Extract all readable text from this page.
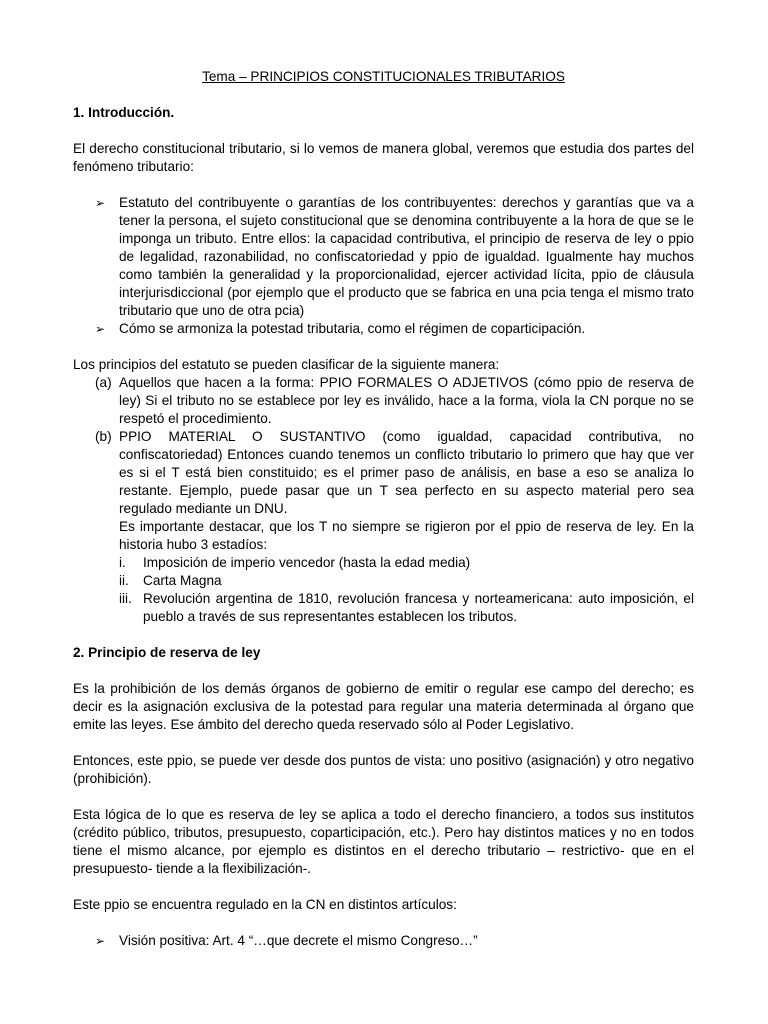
Tema – PRINCIPIOS CONSTITUCIONALES TRIBUTARIOS

1. Introducción.

El derecho constitucional tributario, si lo vemos de manera global, veremos que estudia dos partes del fenómeno tributario:

➢ Estatuto del contribuyente o garantías de los contribuyentes: derechos y garantías que va a tener la persona, el sujeto constitucional que se denomina contribuyente a la hora de que se le imponga un tributo. Entre ellos: la capacidad contributiva, el principio de reserva de ley o ppio de legalidad, razonabilidad, no confiscatoriedad y ppio de igualdad. Igualmente hay muchos como también la generalidad y la proporcionalidad, ejercer actividad lícita, ppio de cláusula interjurisdiccional (por ejemplo que el producto que se fabrica en una pcia tenga el mismo trato tributario que uno de otra pcia)
➢ Cómo se armoniza la potestad tributaria, como el régimen de coparticipación.

Los principios del estatuto se pueden clasificar de la siguiente manera:

(a) Aquellos que hacen a la forma: PPIO FORMALES O ADJETIVOS (cómo ppio de reserva de ley) Si el tributo no se establece por ley es inválido, hace a la forma, viola la CN porque no se respetó el procedimiento.

(b) PPIO MATERIAL O SUSTANTIVO (como igualdad, capacidad contributiva, no confiscatoriedad) Entonces cuando tenemos un conflicto tributario lo primero que hay que ver es si el T está bien constituido; es el primer paso de análisis, en base a eso se analiza lo restante. Ejemplo, puede pasar que un T sea perfecto en su aspecto material pero sea regulado mediante un DNU.

Es importante destacar, que los T no siempre se rigieron por el ppio de reserva de ley. En la historia hubo 3 estadíos:

i. Imposición de imperio vencedor (hasta la edad media)
ii. Carta Magna
iii. Revolución argentina de 1810, revolución francesa y norteamericana: auto imposición, el pueblo a través de sus representantes establecen los tributos.
2. Principio de reserva de ley

Es la prohibición de los demás órganos de gobierno de emitir o regular ese campo del derecho; es decir es la asignación exclusiva de la potestad para regular una materia determinada al órgano que emite las leyes. Ese ámbito del derecho queda reservado sólo al Poder Legislativo.

Entonces, este ppio, se puede ver desde dos puntos de vista: uno positivo (asignación) y otro negativo (prohibición).

Esta lógica de lo que es reserva de ley se aplica a todo el derecho financiero, a todos sus institutos (crédito público, tributos, presupuesto, coparticipación, etc.). Pero hay distintos matices y no en todos tiene el mismo alcance, por ejemplo es distintos en el derecho tributario – restrictivo- que en el presupuesto- tiende a la flexibilización-.

Este ppio se encuentra regulado en la CN en distintos artículos:

➢ Visión positiva: Art. 4 “…que decrete el mismo Congreso…”
